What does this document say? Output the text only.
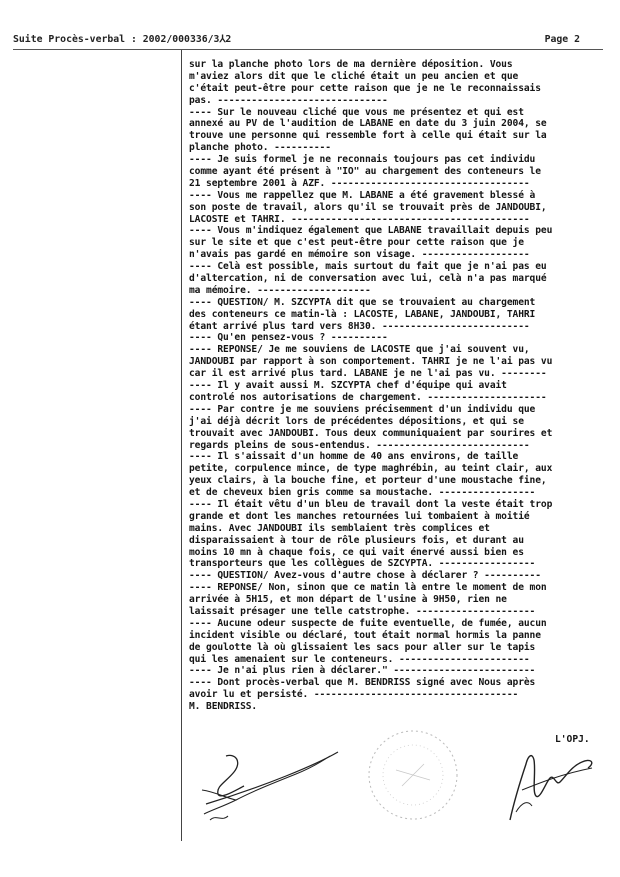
Suite Procès-verbal : 2002/000336/3⅄2	Page 2
sur la planche photo lors de ma dernière déposition. Vous
m'aviez alors dit que le cliché était un peu ancien et que
c'était peut-être pour cette raison que je ne le reconnaissais
pas. ------------------------------
---- Sur le nouveau cliché que vous me présentez et qui est
annexé au PV de l'audition de LABANE en date du 3 juin 2004, se
trouve une personne qui ressemble fort à celle qui était sur la
planche photo. ----------
---- Je suis formel je ne reconnais toujours pas cet individu
comme ayant été présent à "IO" au chargement des conteneurs le
21 septembre 2001 à AZF. -----------------------------------
---- Vous me rappellez que M. LABANE a été gravement blessé à
son poste de travail, alors qu'il se trouvait près de JANDOUBI,
LACOSTE et TAHRI. ------------------------------------------
---- Vous m'indiquez également que LABANE travaillait depuis peu
sur le site et que c'est peut-être pour cette raison que je
n'avais pas gardé en mémoire son visage. -------------------
---- Celà est possible, mais surtout du fait que je n'ai pas eu
d'altercation, ni de conversation avec lui, celà n'a pas marqué
ma mémoire. --------------------
---- QUESTION/ M. SZCYPTA dit que se trouvaient au chargement
des conteneurs ce matin-là : LACOSTE, LABANE, JANDOUBI, TAHRI
étant arrivé plus tard vers 8H30. --------------------------
---- Qu'en pensez-vous ? ----------
---- REPONSE/ Je me souviens de LACOSTE que j'ai souvent vu,
JANDOUBI par rapport à son comportement. TAHRI je ne l'ai pas vu
car il est arrivé plus tard. LABANE je ne l'ai pas vu. --------
---- Il y avait aussi M. SZCYPTA chef d'équipe qui avait
controlé nos autorisations de chargement. ---------------------
---- Par contre je me souviens précisemment d'un individu que
j'ai déjà décrit lors de précédentes dépositions, et qui se
trouvait avec JANDOUBI. Tous deux communiquaient par sourires et
regards pleins de sous-entendus. ---------------------------
---- Il s'aissait d'un homme de 40 ans environs, de taille
petite, corpulence mince, de type maghrébin, au teint clair, aux
yeux clairs, à la bouche fine, et porteur d'une moustache fine,
et de cheveux bien gris comme sa moustache. -----------------
---- Il était vêtu d'un bleu de travail dont la veste était trop
grande et dont les manches retournées lui tombaient à moitié
mains. Avec JANDOUBI ils semblaient très complices et
disparaissaient à tour de rôle plusieurs fois, et durant au
moins 10 mn à chaque fois, ce qui vait énervé aussi bien es
transporteurs que les collègues de SZCYPTA. -----------------
---- QUESTION/ Avez-vous d'autre chose à déclarer ? ----------
---- REPONSE/ Non, sinon que ce matin là entre le moment de mon
arrivée à 5H15, et mon départ de l'usine à 9H50, rien ne
laissait présager une telle catstrophe. ---------------------
---- Aucune odeur suspecte de fuite eventuelle, de fumée, aucun
incident visible ou déclaré, tout était normal hormis la panne
de goulotte là où glissaient les sacs pour aller sur le tapis
qui les amenaient sur le conteneurs. -----------------------
---- Je n'ai plus rien à déclarer." -------------------------
---- Dont procès-verbal que M. BENDRISS signé avec Nous après
avoir lu et persisté. ------------------------------------
M. BENDRISS.
L'OPJ.
